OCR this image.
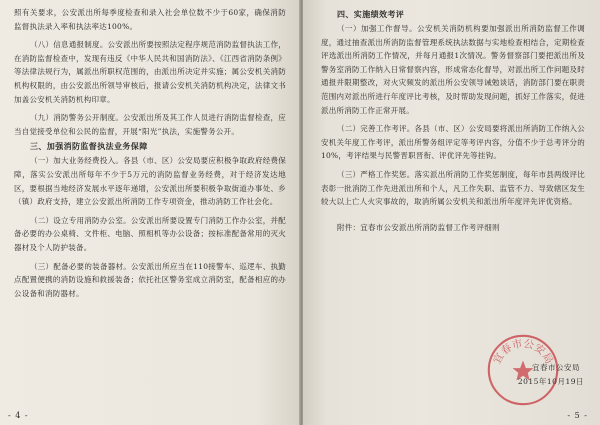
照有关要求，公安派出所每季度检查和录入社会单位数不少于60家，确保消防监督执法录入率和执法率达100%。

（八）信息通报制度。公安派出所要按照法定程序规范消防监督执法工作，在消防监督检查中，发现有违反《中华人民共和国消防法》、《江西省消防条例》等法律法规行为，属派出所职权范围的，由派出所决定并实施；属公安机关消防机构权限的，由公安派出所领导审核后，报请公安机关消防机构决定，法律文书加盖公安机关消防机构印章。

（九）消防警务公开制度。公安派出所及其工作人员进行消防监督检查，应当自觉接受单位和公民的监督，开展“阳光”执法，实施警务公开。

三、加强消防监督执法业务保障

（一）加大业务经费投入。各县（市、区）公安局要应积极争取政府经费保障，落实公安派出所每年不少于5万元的消防监督业务经费，对于经济发达地区，要根据当地经济发展水平逐年递增，公安派出所要积极争取街道办事处、乡（镇）政府支持，建立公安派出所消防工作专项资金，推动消防工作社会化。

（二）设立专用消防办公室。公安派出所要设置专门消防工作办公室，并配备必要的办公桌椅、文件柜、电脑、照相机等办公设备；按标准配备常用的灭火器材及个人防护装备。

（三）配备必要的装备器材。公安派出所应当在110接警车、巡逻车、执勤点配置便携的消防设施和救援装备；依托社区警务室成立消防室，配备相应的办公设备和消防器材。

- 4 -
四、实施绩效考评

（一）加强工作督导。公安机关消防机构要加强派出所消防监督工作调度，通过抽查派出所消防监督管理系统执法数据与实地检查相结合，定期检查评选派出所消防工作情况，并每月通报1次情况。警务督察部门要把派出所及警务室消防工作纳入日常督察内容，形成常态化督导，对派出所工作问题及时通报并限期整改，对火灾频发的派出所公安领导诫勉谈话，消防部门要在职责范围内对派出所进行年度评比考核，及时帮助发现问题，抓好工作落实，促进派出所消防工作正常开展。

（二）完善工作考评。各县（市、区）公安局要将派出所消防工作纳入公安机关年度工作考评，派出所警务组评定等考评内容，分值不少于总考评分的10%，考评结果与民警晋职晋衔、评优评先等挂钩。

（三）严格工作奖惩。落实派出所消防工作奖惩制度，每年市县两级评比表彰一批消防工作先进派出所和个人，凡工作失职、监管不力、导致辖区发生较大以上亡人火灾事故的，取消所属公安机关和派出所年度评先评优资格。

附件：宜春市公安派出所消防监督工作考评细则

宜春市公安局
宜春市公安局
2015年10月19日
- 5 -
